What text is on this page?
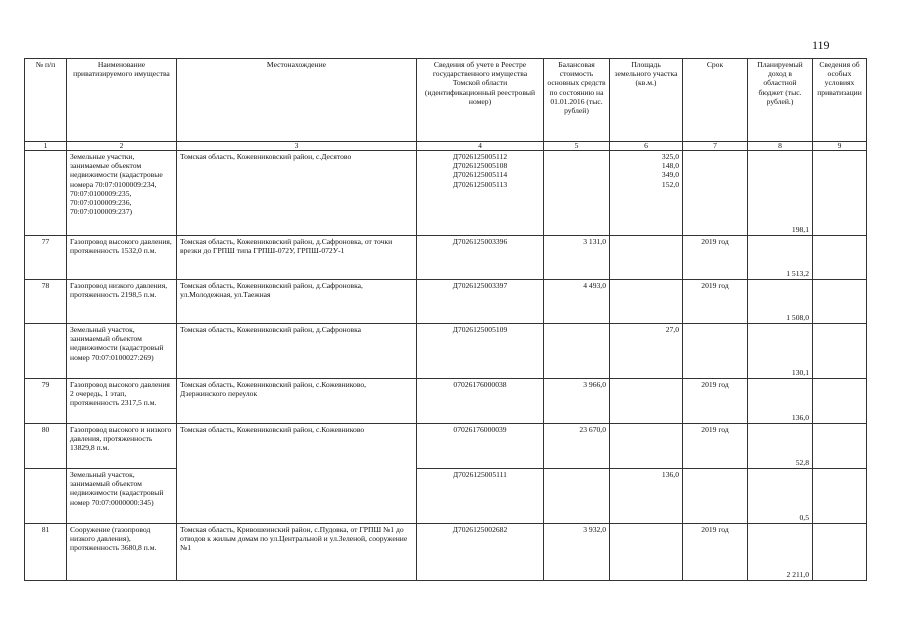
119
№ п/п	Наименование приватизируемого имущества	Местонахождение	Сведения об учете в Реестре государственного имущества Томской области (идентификационный реестровый номер)	Балансовая стоимость основных средств по состоянию на 01.01.2016 (тыс. рублей)	Площадь земельного участка (кв.м.)	Срок	Планируемый доход в областной бюджет (тыс. рублей.)	Сведения об особых условиях приватизации
1	2	3	4	5	6	7	8	9
	Земельные участки, занимаемые объектом недвижимости (кадастровые номера 70:07:0100009:234, 70:07:0100009:235, 70:07:0100009:236, 70:07:0100009:237)	Томская область, Кожевниковский район, с.Десятово	Д7026125005112
Д7026125005108
Д7026125005114
Д7026125005113		325,0
148,0
349,0
152,0		198,1	
77	Газопровод высокого давления, протяженность 1532,0 п.м.	Томская область, Кожевниковский район, д.Сафроновка, от точки врезки до ГРПШ типа ГРПШ-072У, ГРПШ-072У-1	Д7026125003396	3 131,0		2019 год	1 513,2	
78	Газопровод низкого давления, протяженность 2198,5 п.м.	Томская область, Кожевниковский район, д.Сафроновка, ул.Молодежная, ул.Таежная	Д7026125003397	4 493,0		2019 год	1 508,0	
	Земельный участок, занимаемый объектом недвижимости (кадастровый номер 70:07:0100027:269)	Томская область, Кожевниковский район, д.Сафроновка	Д7026125005109		27,0		130,1	
79	Газопровод высокого давления 2 очередь, 1 этап, протяженность 2317,5 п.м.	Томская область, Кожевниковский район, с.Кожевниково, Дзержинского переулок	07026176000038	3 966,0		2019 год	136,0	
80	Газопровод высокого и низкого давления, протяженность 13829,8 п.м.	Томская область, Кожевниковский район, с.Кожевниково	07026176000039	23 670,0		2019 год	52,8	
	Земельный участок, занимаемый объектом недвижимости (кадастровый номер 70:07:0000000:345)		Д7026125005111		136,0		0,5	
81	Сооружение (газопровод низкого давления), протяженность 3680,8 п.м.	Томская область, Кривошеинский район, с.Пудовка, от ГРПШ №1 до отводов к жилым домам по ул.Центральной и ул.Зеленой, сооружение №1	Д7026125002682	3 932,0		2019 год	2 211,0	
